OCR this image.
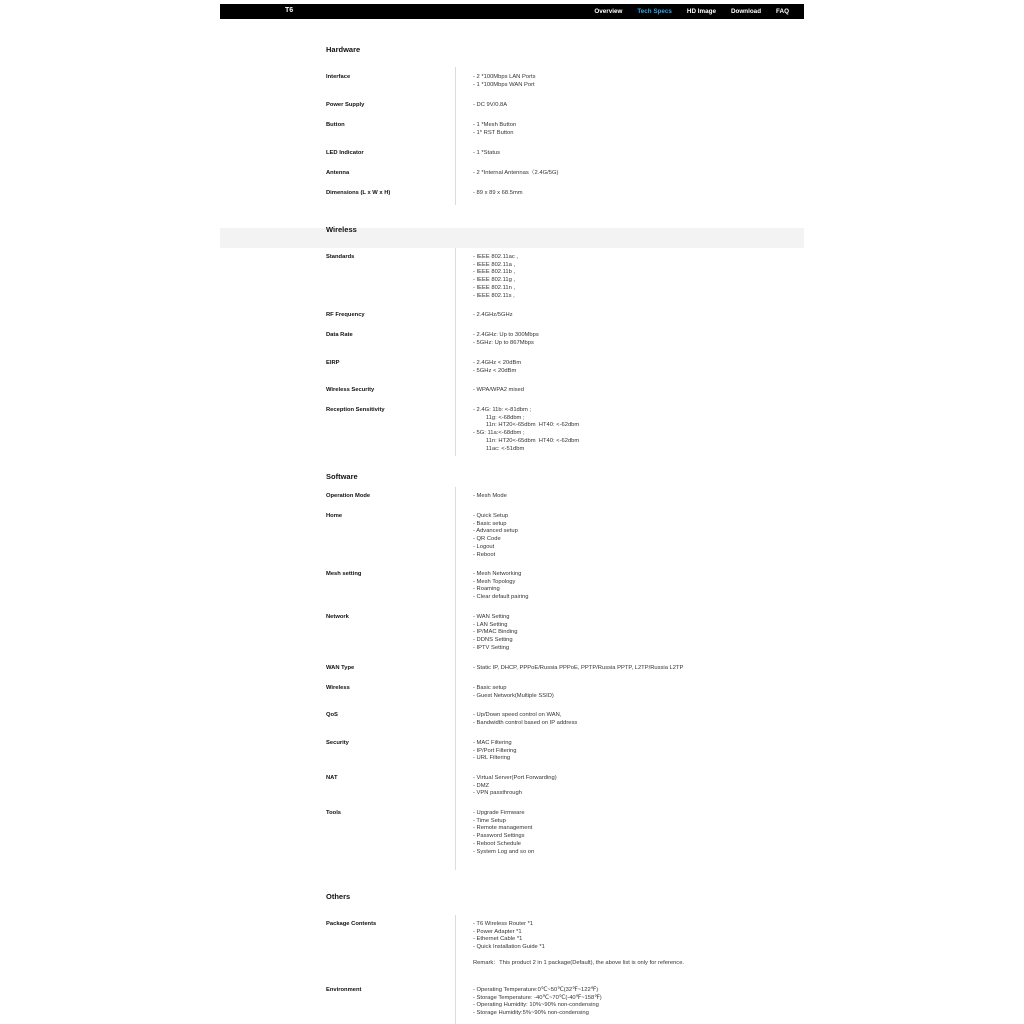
T6	Overview Tech Specs HD Image Download FAQ
Hardware
Interface	- 2 *100Mbps LAN Ports
- 1 *100Mbps WAN Port
Power Supply	- DC 9V/0.8A
Button	- 1 *Mesh Button
- 1* RST Button
LED Indicator	- 1 *Status
Antenna	- 2 *Internal Antennas（2.4G/5G)
Dimensions (L x W x H)	- 89 x 89 x 68.5mm
Wireless
Standards	- IEEE 802.11ac ,
- IEEE 802.11a ,
- IEEE 802.11b ,
- IEEE 802.11g ,
- IEEE 802.11n ,
- IEEE 802.11s ,
RF Frequency	- 2.4GHz/5GHz
Data Rate	- 2.4GHz: Up to 300Mbps
- 5GHz: Up to 867Mbps
EIRP	- 2.4GHz < 20dBm
- 5GHz < 20dBm
Wireless Security	- WPA/WPA2 mixed
Reception Sensitivity	- 2.4G: 11b: <-81dbm ;
11g: <-68dbm ;
11n: HT20<-65dbm  HT40: <-62dbm
- 5G: 11a:<-68dbm ;
11n: HT20<-65dbm  HT40: <-62dbm
11ac: <-51dbm
Software
Operation Mode	- Mesh Mode
Home	- Quick Setup
- Basic setup
- Advanced setup
- QR Code
- Logout
- Reboot
Mesh setting	- Mesh Networking
- Mesh Topology
- Roaming
- Clear default pairing
Network	- WAN Setting
- LAN Setting
- IP/MAC Binding
- DDNS Setting
- IPTV Setting
WAN Type	- Static IP, DHCP, PPPoE/Russia PPPoE, PPTP/Russia PPTP, L2TP/Russia L2TP
Wireless	- Basic setup
- Guest Network(Multiple SSID)
QoS	- Up/Down speed control on WAN,
- Bandwidth control based on IP address
Security	- MAC Filtering
- IP/Port Filtering
- URL Filtering
NAT	- Virtual Server(Port Forwarding)
- DMZ
- VPN passthrough
Tools	- Upgrade Firmware
- Time Setup
- Remote management
- Password Settings
- Reboot Schedule
- System Log and so on
Others
Package Contents	- T6 Wireless Router *1
- Power Adapter *1
- Ethernet Cable *1
- Quick Installation Guide *1

Remark：This product 2 in 1 package(Default), the above list is only for reference.
Environment	- Operating Temperature:0℃~50℃(32℉~122℉)
- Storage Temperature: -40℃~70℃(-40℉~158℉)
- Operating Humidity: 10%~90% non-condensing
- Storage Humidity:5%~90% non-condensing
